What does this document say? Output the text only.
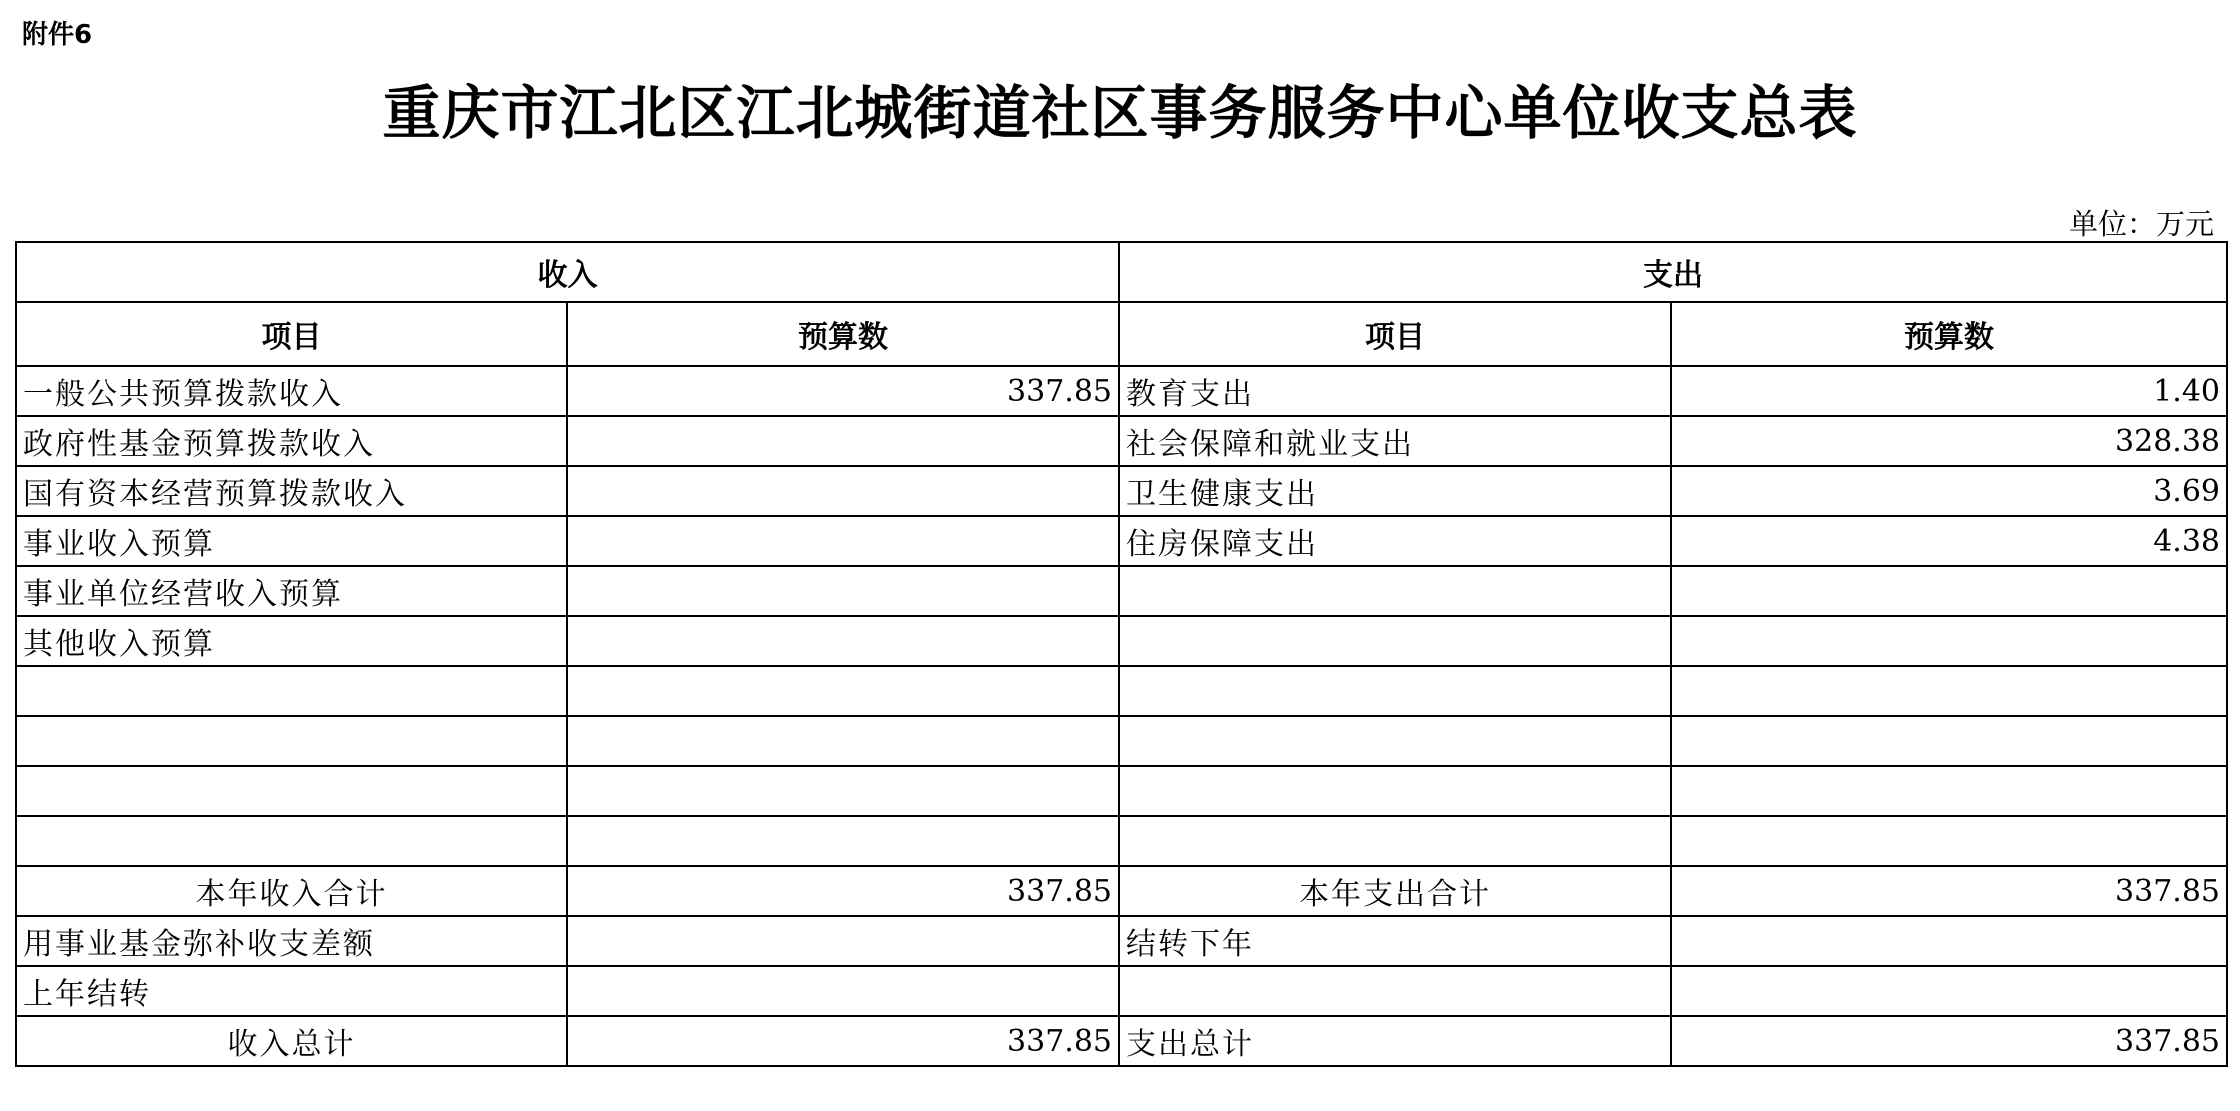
附件6
重庆市江北区江北城街道社区事务服务中心单位收支总表
单位：万元
收入		支出	
项目	预算数	项目	预算数
一般公共预算拨款收入	337.85	教育支出	1.40
政府性基金预算拨款收入		社会保障和就业支出	328.38
国有资本经营预算拨款收入		卫生健康支出	3.69
事业收入预算		住房保障支出	4.38
事业单位经营收入预算			
其他收入预算			

本年收入合计	337.85	本年支出合计	337.85
用事业基金弥补收支差额		结转下年	
上年结转			
收入总计	337.85	支出总计	337.85
